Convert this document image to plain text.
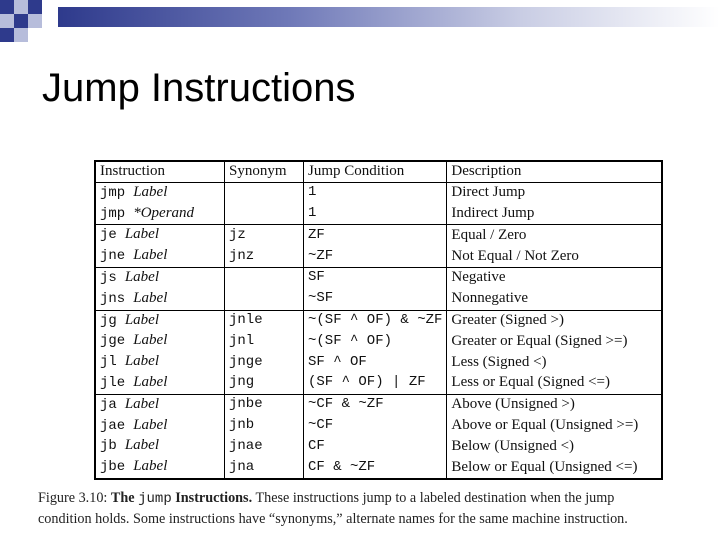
Jump Instructions
Instruction	Synonym	Jump Condition	Description
jmp Label		1	Direct Jump
jmp *Operand		1	Indirect Jump
je Label	jz	ZF	Equal / Zero
jne Label	jnz	~ZF	Not Equal / Not Zero
js Label		SF	Negative
jns Label		~SF	Nonnegative
jg Label	jnle	~(SF ^ OF) & ~ZF	Greater (Signed >)
jge Label	jnl	~(SF ^ OF)	Greater or Equal (Signed >=)
jl Label	jnge	SF ^ OF	Less (Signed <)
jle Label	jng	(SF ^ OF) | ZF	Less or Equal (Signed <=)
ja Label	jnbe	~CF & ~ZF	Above (Unsigned >)
jae Label	jnb	~CF	Above or Equal (Unsigned >=)
jb Label	jnae	CF	Below (Unsigned <)
jbe Label	jna	CF & ~ZF	Below or Equal (Unsigned <=)
Figure 3.10: The jump Instructions. These instructions jump to a labeled destination when the jump
condition holds. Some instructions have “synonyms,” alternate names for the same machine instruction.
